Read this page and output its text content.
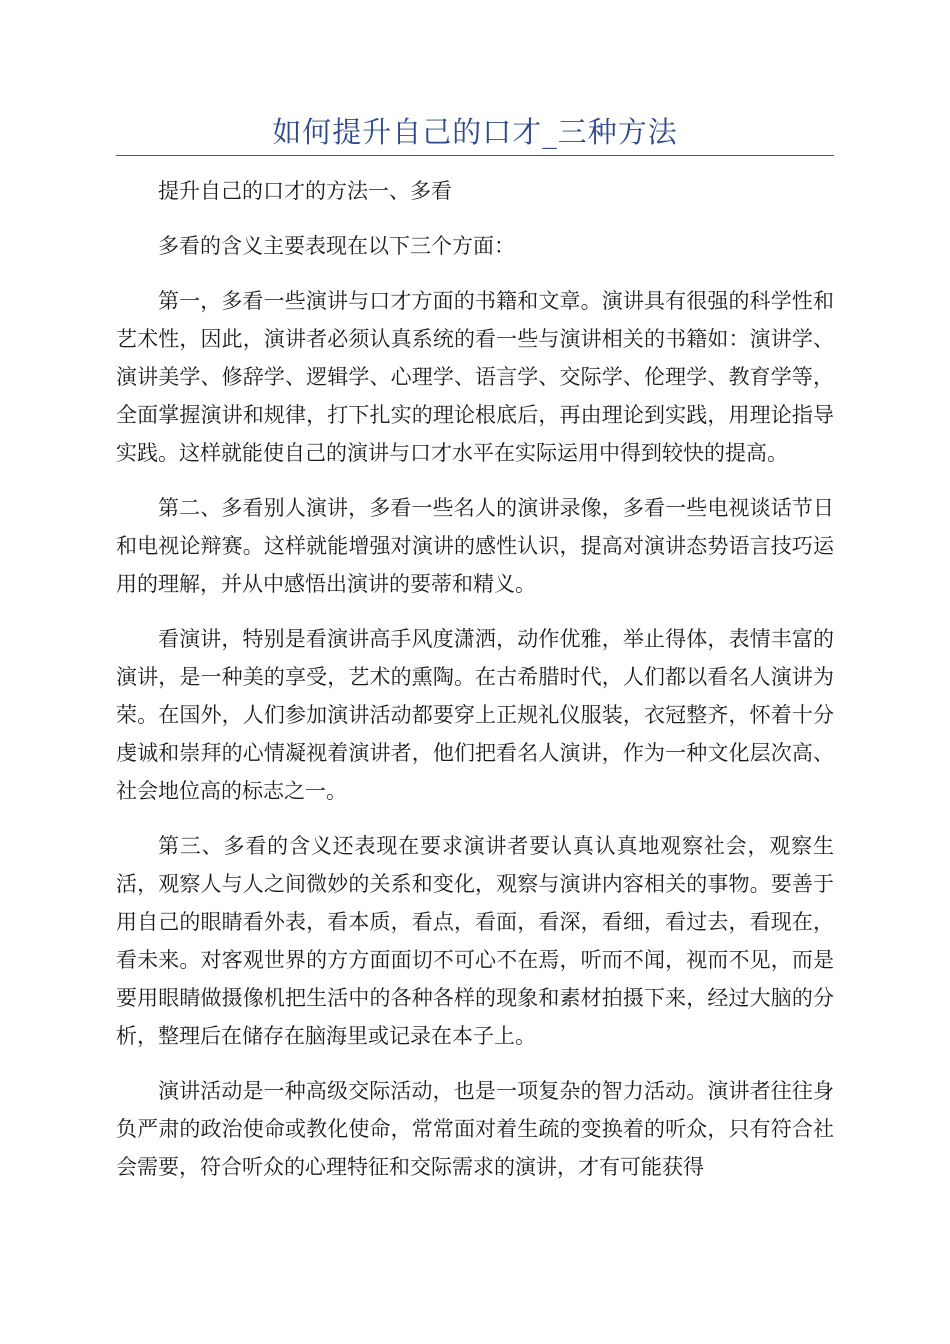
如何提升自己的口才_三种方法

提升自己的口才的方法一、多看

多看的含义主要表现在以下三个方面：

第一，多看一些演讲与口才方面的书籍和文章。演讲具有很强的科学性和艺术性，因此，演讲者必须认真系统的看一些与演讲相关的书籍如：演讲学、演讲美学、修辞学、逻辑学、心理学、语言学、交际学、伦理学、教育学等，全面掌握演讲和规律，打下扎实的理论根底后，再由理论到实践，用理论指导实践。这样就能使自己的演讲与口才水平在实际运用中得到较快的提高。

第二、多看别人演讲，多看一些名人的演讲录像，多看一些电视谈话节日和电视论辩赛。这样就能增强对演讲的感性认识，提高对演讲态势语言技巧运用的理解，并从中感悟出演讲的要蒂和精义。

看演讲，特别是看演讲高手风度潇洒，动作优雅，举止得体，表情丰富的演讲，是一种美的享受，艺术的熏陶。在古希腊时代，人们都以看名人演讲为荣。在国外，人们参加演讲活动都要穿上正规礼仪服装，衣冠整齐，怀着十分虔诚和崇拜的心情凝视着演讲者，他们把看名人演讲，作为一种文化层次高、社会地位高的标志之一。

第三、多看的含义还表现在要求演讲者要认真认真地观察社会，观察生活，观察人与人之间微妙的关系和变化，观察与演讲内容相关的事物。要善于用自己的眼睛看外表，看本质，看点，看面，看深，看细，看过去，看现在，看未来。对客观世界的方方面面切不可心不在焉，听而不闻，视而不见，而是要用眼睛做摄像机把生活中的各种各样的现象和素材拍摄下来，经过大脑的分析，整理后在储存在脑海里或记录在本子上。

演讲活动是一种高级交际活动，也是一项复杂的智力活动。演讲者往往身负严肃的政治使命或教化使命，常常面对着生疏的变换着的听众，只有符合社会需要，符合听众的心理特征和交际需求的演讲，才有可能获得
